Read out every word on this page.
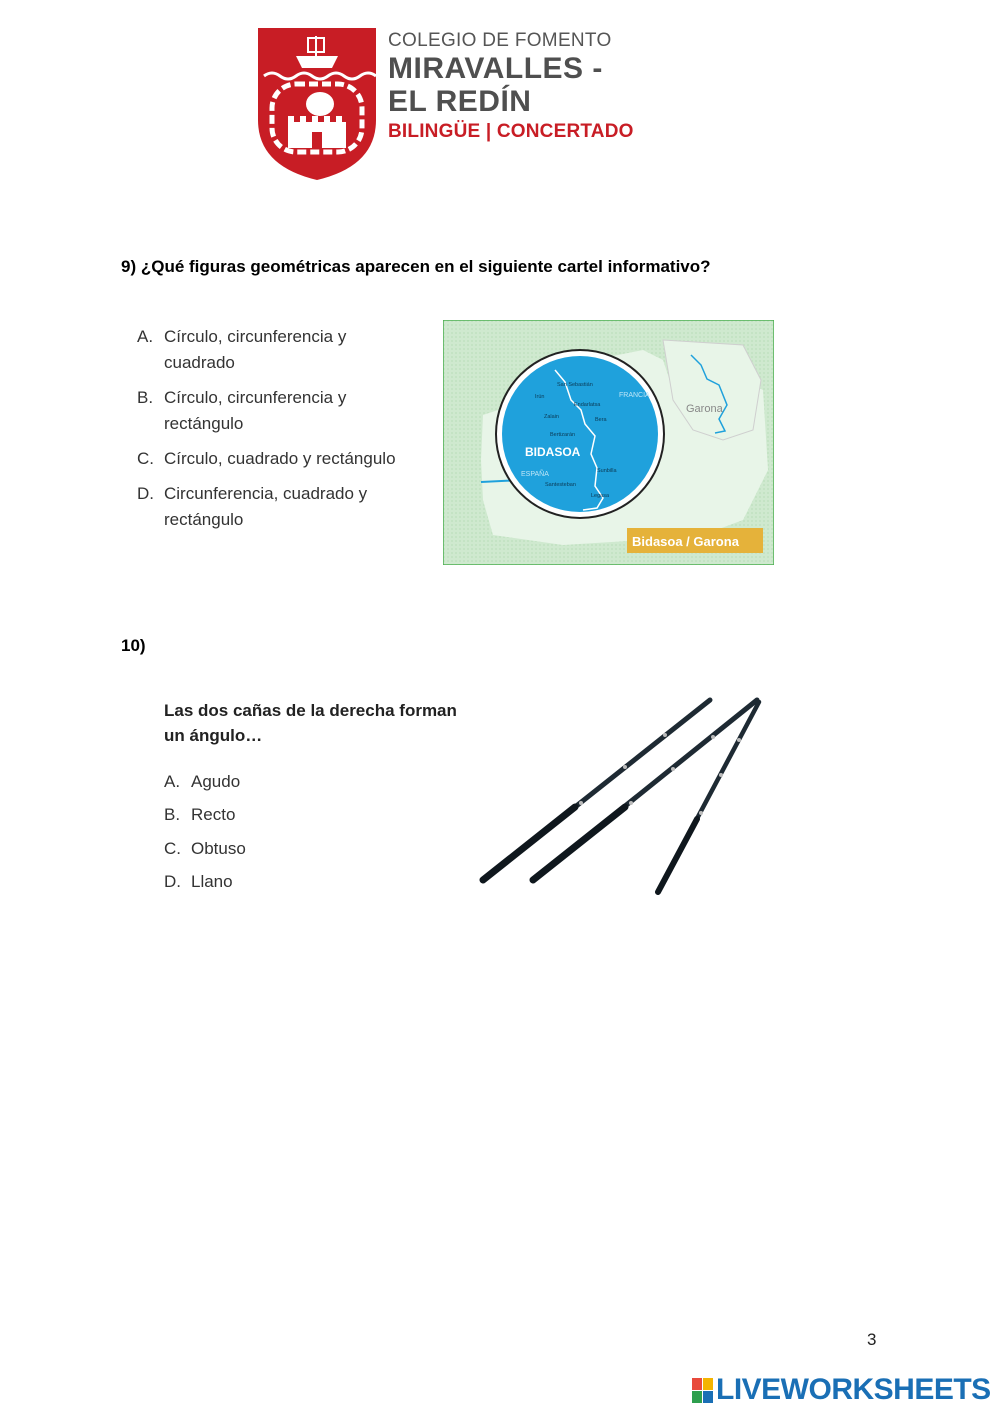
COLEGIO DE FOMENTO
MIRAVALLES -
EL REDÍN
BILINGÜE | CONCERTADO
9) ¿Qué figuras geométricas aparecen en el siguiente cartel informativo?
A. Círculo, circunferencia y
cuadrado
B. Círculo, circunferencia y
rectángulo
C. Círculo, cuadrado y rectángulo
D. Circunferencia, cuadrado y
rectángulo
Garona
BIDASOA
FRANCIA
ESPAÑA
San Sebastián
Irún
Endarlatsa
Zalain	Bera
Bertizarán
Sunbilla
Santesteban
Legasa
Bidasoa / Garona
10)
Las dos cañas de la derecha forman
un ángulo…
A. Agudo
B. Recto
C. Obtuso
D. Llano
3
LIVEWORKSHEETS
